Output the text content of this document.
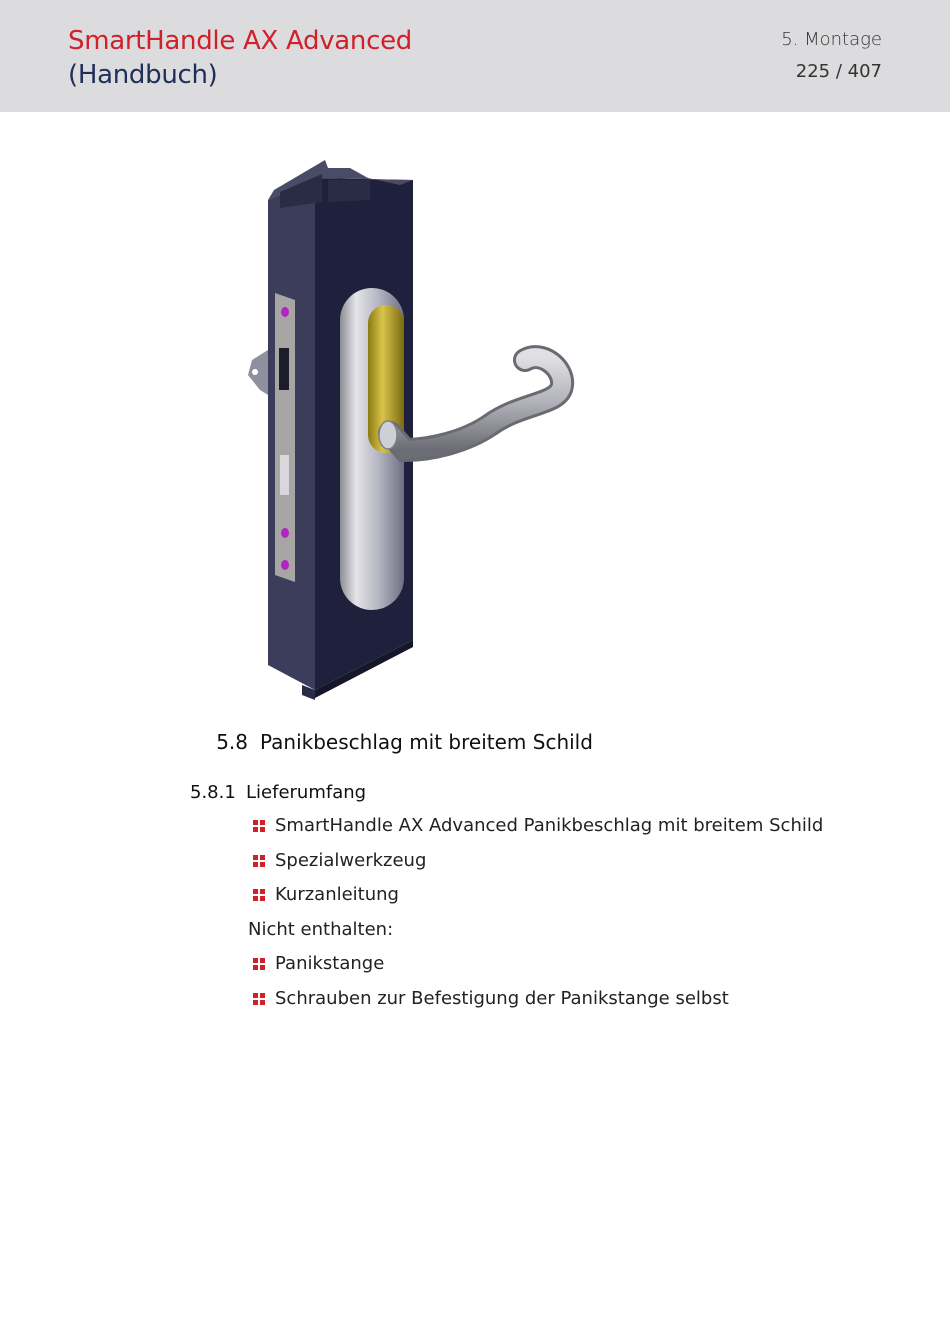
SmartHandle AX Advanced
(Handbuch)
5. Montage
225 / 407
5.8 Panikbeschlag mit breitem Schild
5.8.1 Lieferumfang
SmartHandle AX Advanced Panikbeschlag mit breitem Schild
Spezialwerkzeug
Kurzanleitung
Nicht enthalten:
Panikstange
Schrauben zur Befestigung der Panikstange selbst
